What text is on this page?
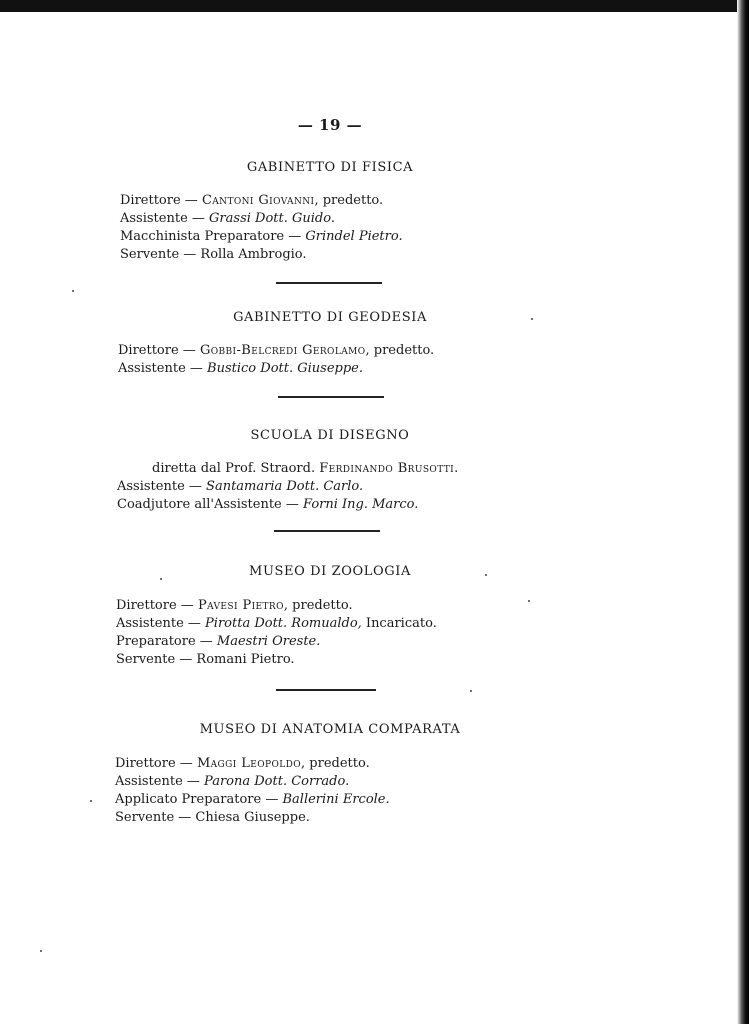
— 19 —
GABINETTO DI FISICA
Direttore — Cantoni Giovanni, predetto.
Assistente — Grassi Dott. Guido.
Macchinista Preparatore — Grindel Pietro.
Servente — Rolla Ambrogio.
GABINETTO DI GEODESIA
Direttore — Gobbi-Belcredi Gerolamo, predetto.
Assistente — Bustico Dott. Giuseppe.
SCUOLA DI DISEGNO
diretta dal Prof. Straord. Ferdinando Brusotti.
Assistente — Santamaria Dott. Carlo.
Coadjutore all'Assistente — Forni Ing. Marco.
MUSEO DI ZOOLOGIA
Direttore — Pavesi Pietro, predetto.
Assistente — Pirotta Dott. Romualdo, Incaricato.
Preparatore — Maestri Oreste.
Servente — Romani Pietro.
MUSEO DI ANATOMIA COMPARATA
Direttore — Maggi Leopoldo, predetto.
Assistente — Parona Dott. Corrado.
Applicato Preparatore — Ballerini Ercole.
Servente — Chiesa Giuseppe.
